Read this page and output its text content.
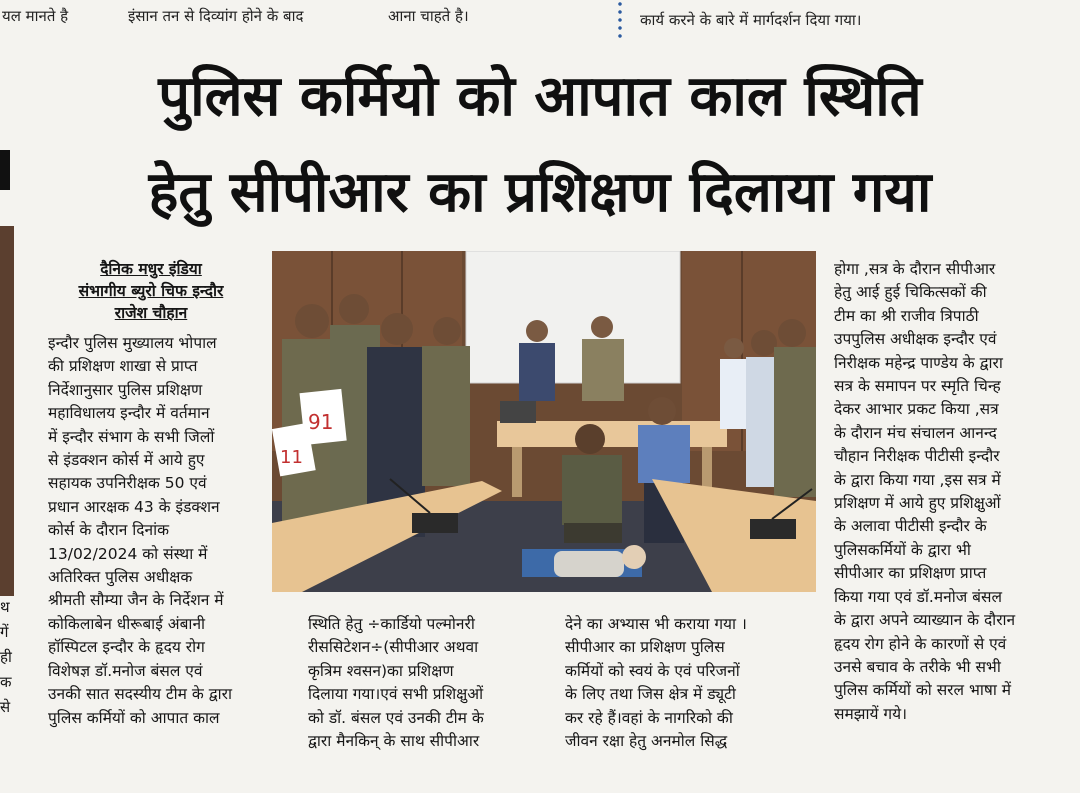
यल मानते है	इंसान तन से दिव्यांग होने के बाद	आना चाहते है।	कार्य करने के बारे में मार्गदर्शन दिया गया।
पुलिस कर्मियो को आपात काल स्थिति
हेतु सीपीआर का प्रशिक्षण दिलाया गया
थ
गें
ही
क
से
दैनिक मधुर इंडिया
संभागीय ब्युरो चिफ इन्दौर
राजेश चौहान

इन्दौर पुलिस मुख्यालय भोपाल

की प्रशिक्षण शाखा से प्राप्त

निर्देशानुसार पुलिस प्रशिक्षण

महाविधालय इन्दौर में वर्तमान

में इन्दौर संभाग के सभी जिलों

से इंडक्शन कोर्स में आये हुए

सहायक उपनिरीक्षक 50 एवं

प्रधान आरक्षक 43 के इंडक्शन

कोर्स के दौरान दिनांक

13/02/2024 को संस्था में

अतिरिक्त पुलिस अधीक्षक

श्रीमती सौम्या जैन के निर्देशन में

कोकिलाबेन धीरूबाई अंबानी

हॉस्पिटल इन्दौर के हृदय रोग

विशेषज्ञ डॉ.मनोज बंसल एवं

उनकी सात सदस्यीय टीम के द्वारा

पुलिस कर्मियों को आपात काल

91
11

स्थिति हेतु ÷कार्डियो पल्मोनरी

रीससिटेशन÷(सीपीआर अथवा

कृत्रिम श्वसन)का प्रशिक्षण

दिलाया गया।एवं सभी प्रशिक्षुओं

को डॉ. बंसल एवं उनकी टीम के

द्वारा मैनकिन् के साथ सीपीआर

देने का अभ्यास भी कराया गया ।

सीपीआर का प्रशिक्षण पुलिस

कर्मियों को स्वयं के एवं परिजनों

के लिए तथा जिस क्षेत्र में ड्यूटी

कर रहे हैं।वहां के नागरिको की

जीवन रक्षा हेतु अनमोल सिद्ध

होगा ,सत्र के दौरान सीपीआर

हेतु आई हुई चिकित्सकों की

टीम का श्री राजीव त्रिपाठी

उपपुलिस अधीक्षक इन्दौर एवं

निरीक्षक महेन्द्र पाण्डेय के द्वारा

सत्र के समापन पर स्मृति चिन्ह

देकर आभार प्रकट किया ,सत्र

के दौरान मंच संचालन आनन्द

चौहान निरीक्षक पीटीसी इन्दौर

के द्वारा किया गया ,इस सत्र में

प्रशिक्षण में आये हुए प्रशिक्षुओं

के अलावा पीटीसी इन्दौर के

पुलिसकर्मियों के द्वारा भी

सीपीआर का प्रशिक्षण प्राप्त

किया गया एवं डॉ.मनोज बंसल

के द्वारा अपने व्याख्यान के दौरान

हृदय रोग होने के कारणों से एवं

उनसे बचाव के तरीके भी सभी

पुलिस कर्मियों को सरल भाषा में

समझायें गये।
